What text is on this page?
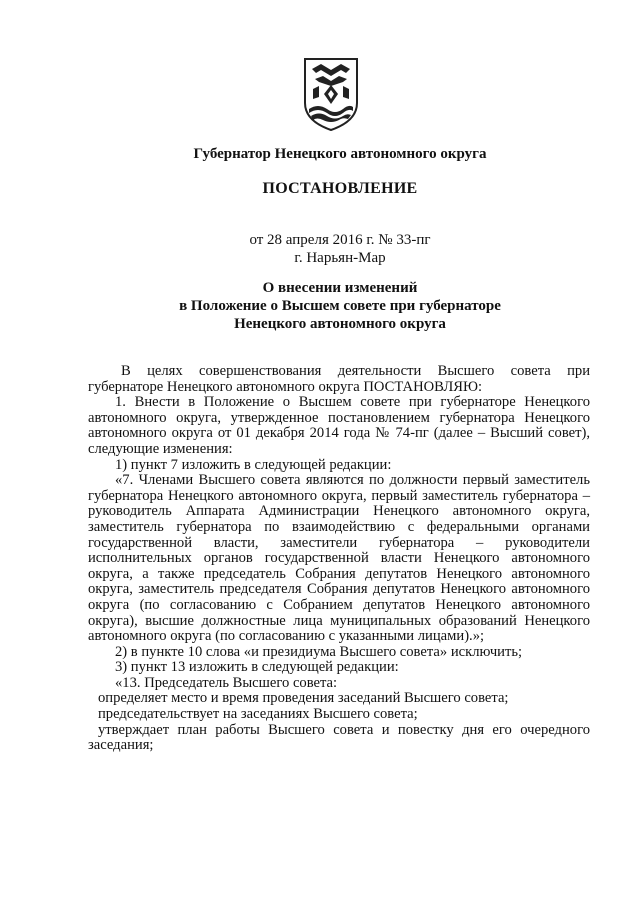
Губернатор Ненецкого автономного округа
ПОСТАНОВЛЕНИЕ
от 28 апреля 2016 г. № 33-пг
г. Нарьян-Мар
О внесении изменений
в Положение о Высшем совете при губернаторе
Ненецкого автономного округа

В целях совершенствования деятельности Высшего совета при губернаторе Ненецкого автономного округа ПОСТАНОВЛЯЮ:

1. Внести в Положение о Высшем совете при губернаторе Ненецкого автономного округа, утвержденное постановлением губернатора Ненецкого автономного округа от 01 декабря 2014 года № 74-пг (далее – Высший совет), следующие изменения:

1) пункт 7 изложить в следующей редакции:

«7. Членами Высшего совета являются по должности первый заместитель губернатора Ненецкого автономного округа, первый заместитель губернатора – руководитель Аппарата Администрации Ненецкого автономного округа, заместитель губернатора по взаимодействию с федеральными органами государственной власти, заместители губернатора – руководители исполнительных органов государственной власти Ненецкого автономного округа, а также председатель Собрания депутатов Ненецкого автономного округа, заместитель председателя Собрания депутатов Ненецкого автономного округа (по согласованию с Собранием депутатов Ненецкого автономного округа), высшие должностные лица муниципальных образований Ненецкого автономного округа (по согласованию с указанными лицами).»;

2) в пункте 10 слова «и президиума Высшего совета» исключить;

3) пункт 13 изложить в следующей редакции:

«13. Председатель Высшего совета:

определяет место и время проведения заседаний Высшего совета;

председательствует на заседаниях Высшего совета;

утверждает план работы Высшего совета и повестку дня его очередного заседания;
